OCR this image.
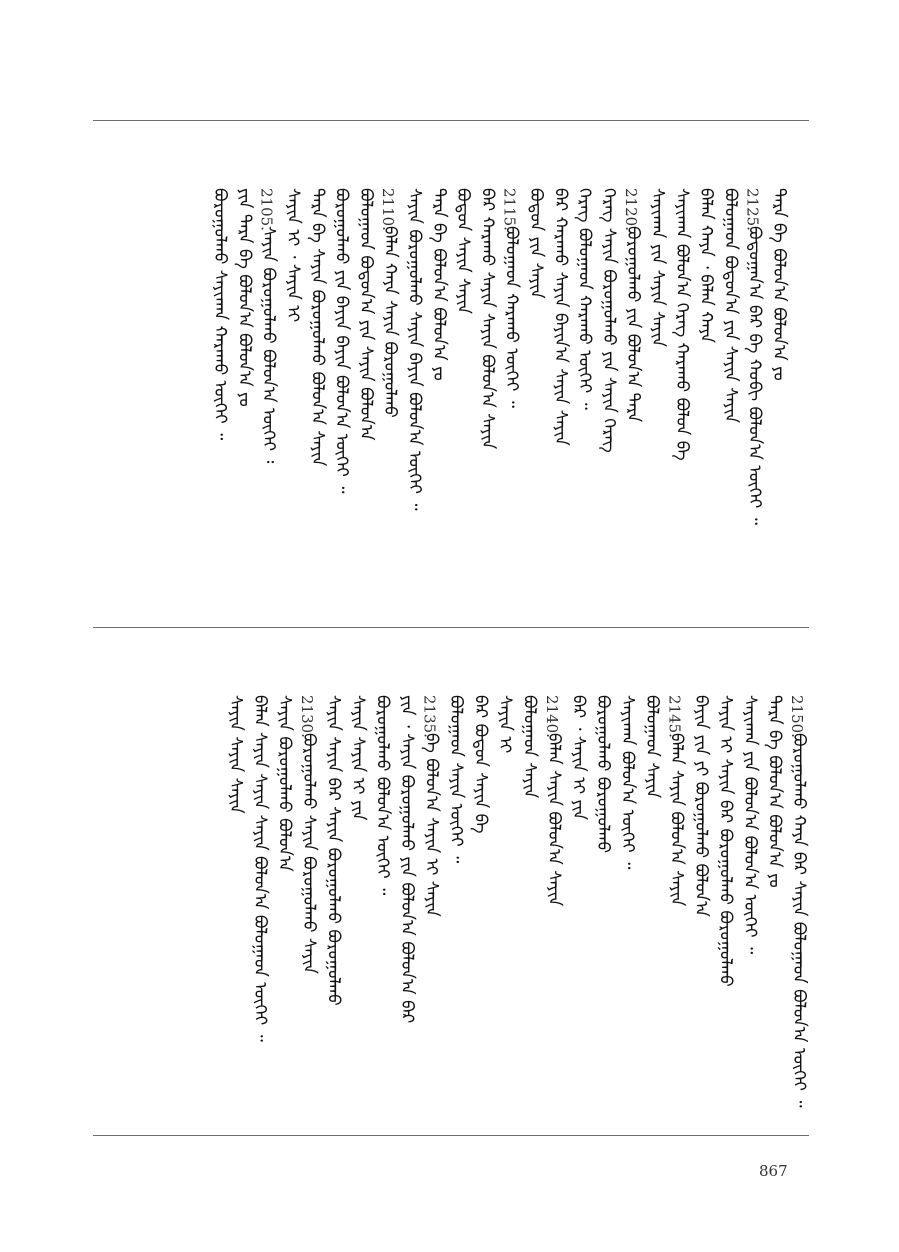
867
ᠲᠡᠷᠡ ᠪᠡ ᠪᠣᠯᠤᠨ᠎ᠠ ᠪᠣᠯᠤᠨ᠎ᠠ ᠶᠤ
2125.
ᠪᠣᠳᠤᠭᠠᠨ᠎ᠠ ᠪᠡᠷ ᠪᠡ ᠬᠤᠪᠢ ᠪᠣᠯᠤᠨ᠎ᠠ ᠦᠭᠡᠢ ᠃
ᠪᠣᠯᠣᠭᠠᠳ ᠪᠣᠳᠤᠨ᠎ᠠ ᠶᠢᠨ ᠰᠠᠶᠢᠨ ᠰᠠᠶᠢᠨ
ᠪᠡᠯᠡᠨ ᠬᠠᠶᠠ ᠂ ᠪᠡᠯᠡᠨ ᠬᠠᠶᠠ
ᠰᠠᠶᠢᠬᠠᠨ ᠪᠣᠯᠤᠨ᠎ᠠ ᠬᠡᠷᠡᠭ ᠬᠠᠷᠠᠬᠤ ᠪᠣᠯᠤᠨ ᠪᠡ
ᠰᠠᠶᠢᠬᠠᠨ ᠶᠢᠨ ᠰᠠᠶᠢᠨ ᠰᠠᠶᠢᠨ
2120.
ᠪᠣᠷᠣᠭᠤᠯᠬᠤ ᠶᠢᠨ ᠪᠣᠯᠤᠨ᠎ᠠ ᠲᠡᠷᠡ
ᠬᠡᠷᠡᠭ ᠰᠠᠶᠢᠨ ᠪᠣᠷᠣᠭᠤᠯᠬᠤ ᠶᠢᠨ ᠰᠠᠶᠢᠨ ᠬᠡᠷᠡᠭ
ᠬᠡᠷᠡᠭ ᠪᠣᠯᠤᠭᠠᠳ ᠬᠠᠷᠠᠬᠤ ᠦᠭᠡᠢ ᠃
ᠪᠡᠷ ᠬᠠᠷᠠᠬᠤ ᠰᠠᠶᠢᠨ ᠪᠠᠶᠢᠨ᠎ᠠ ᠰᠠᠶᠢᠨ ᠰᠠᠶᠢᠨ
ᠪᠣᠳᠤᠨ ᠶᠢᠨ ᠰᠠᠶᠢᠨ
2115.
ᠪᠣᠯᠣᠭᠠᠳ ᠬᠠᠷᠠᠬᠤ ᠦᠭᠡᠢ ᠃
ᠪᠡᠷ ᠬᠠᠷᠠᠬᠤ ᠰᠠᠶᠢᠨ ᠰᠠᠶᠢᠨ ᠪᠣᠯᠤᠨ᠎ᠠ ᠰᠠᠶᠢᠨ
ᠪᠣᠳᠤᠨ ᠰᠠᠶᠢᠨ ᠰᠠᠶᠢᠨ
ᠲᠡᠷᠡ ᠪᠡ ᠪᠣᠯᠤᠨ᠎ᠠ ᠪᠣᠯᠤᠨ᠎ᠠ ᠶᠤ
ᠰᠠᠶᠢᠨ ᠪᠣᠷᠣᠭᠤᠯᠬᠤ ᠰᠠᠶᠢᠨ ᠪᠠᠶᠢᠨ ᠪᠣᠯᠤᠨ᠎ᠠ ᠦᠭᠡᠢ ᠃
2110.
ᠪᠡᠯᠡᠨ ᠬᠠᠶᠠ ᠰᠠᠶᠢᠨ ᠪᠣᠷᠣᠭᠤᠯᠬᠤ
ᠪᠣᠯᠣᠭᠠᠳ ᠪᠣᠳᠤᠨ᠎ᠠ ᠶᠢᠨ ᠰᠠᠶᠢᠨ ᠪᠣᠯᠤᠨ᠎ᠠ
ᠪᠣᠷᠣᠭᠤᠯᠬᠤ ᠶᠢᠨ ᠪᠠᠶᠢᠨ ᠪᠠᠶᠢᠨ ᠪᠣᠯᠤᠨ᠎ᠠ ᠦᠭᠡᠢ ᠃
ᠲᠡᠷᠡ ᠪᠡ ᠰᠠᠶᠢᠨ ᠪᠣᠷᠣᠭᠤᠯᠬᠤ ᠪᠣᠯᠤᠨ᠎ᠠ ᠰᠠᠶᠢᠨ
ᠰᠠᠶᠢᠨ ᠢ ᠂ ᠰᠠᠶᠢᠨ ᠢ
2105.
ᠰᠠᠶᠢᠨ ᠪᠣᠷᠣᠭᠤᠯᠬᠤ ᠪᠣᠯᠤᠨ᠎ᠠ ᠦᠭᠡᠢ ᠄
ᠶᠢᠨ ᠲᠡᠷᠡ ᠪᠡ ᠪᠣᠯᠤᠨ᠎ᠠ ᠪᠣᠯᠤᠨ᠎ᠠ ᠶᠤ
ᠪᠣᠷᠣᠭᠤᠯᠬᠤ ᠰᠠᠶᠢᠬᠠᠨ ᠬᠠᠷᠠᠬᠤ ᠦᠭᠡᠢ ᠃
2150.
ᠪᠣᠷᠣᠭᠤᠯᠬᠤ ᠬᠠᠶᠠ ᠪᠡᠷ ᠰᠠᠶᠢᠨ ᠪᠣᠯᠤᠭᠠᠳ ᠪᠣᠯᠤᠨ᠎ᠠ ᠦᠭᠡᠢ ᠃
ᠲᠡᠷᠡ ᠪᠡ ᠪᠣᠯᠤᠨ᠎ᠠ ᠪᠣᠯᠤᠨ᠎ᠠ ᠶᠤ
ᠰᠠᠶᠢᠬᠠᠨ ᠶᠢᠨ ᠪᠣᠯᠤᠨ᠎ᠠ ᠪᠣᠯᠤᠨ᠎ᠠ ᠦᠭᠡᠢ ᠃
ᠰᠠᠶᠢᠨ ᠢ ᠰᠠᠶᠢᠨ ᠪᠡᠷ ᠪᠣᠷᠣᠭᠤᠯᠬᠤ ᠪᠣᠷᠣᠭᠤᠯᠬᠤ
ᠪᠠᠶᠢᠨ ᠶᠢᠨ ᠶᠢ ᠪᠣᠷᠣᠭᠤᠯᠬᠤ ᠪᠣᠯᠤᠨ᠎ᠠ
2145.
ᠪᠡᠯᠡᠨ ᠰᠠᠶᠢᠨ ᠪᠣᠯᠤᠨ᠎ᠠ ᠰᠠᠶᠢᠨ
ᠪᠣᠯᠣᠭᠠᠳ ᠰᠠᠶᠢᠨ
ᠰᠠᠶᠢᠬᠠᠨ ᠪᠣᠯᠤᠨ᠎ᠠ ᠦᠭᠡᠢ ᠃
ᠪᠣᠷᠣᠭᠤᠯᠬᠤ ᠪᠣᠷᠣᠭᠤᠯᠬᠤ
ᠪᠡᠷ ᠂ ᠰᠠᠶᠢᠨ ᠢ ᠶᠢᠨ
2140.
ᠪᠡᠯᠡᠨ ᠰᠠᠶᠢᠨ ᠪᠣᠯᠤᠨ᠎ᠠ ᠰᠠᠶᠢᠨ
ᠪᠣᠯᠣᠭᠠᠳ ᠰᠠᠶᠢᠨ
ᠰᠠᠶᠢᠨ ᠢ
ᠪᠡᠷ ᠪᠣᠳᠤᠨ ᠰᠠᠶᠢᠨ ᠪᠡ
ᠪᠣᠯᠣᠭᠠᠳ ᠰᠠᠶᠢᠨ ᠦᠭᠡᠢ ᠃
2135.
ᠪᠠ ᠪᠣᠯᠤᠨ᠎ᠠ ᠰᠠᠶᠢᠨ ᠢ ᠰᠠᠶᠢᠨ
ᠶᠢᠨ ᠂ ᠰᠠᠶᠢᠨ ᠪᠣᠷᠣᠭᠤᠯᠬᠤ ᠶᠢᠨ ᠪᠣᠯᠤᠨ᠎ᠠ ᠪᠣᠯᠤᠨ᠎ᠠ ᠪᠡᠷ
ᠪᠣᠷᠣᠭᠤᠯᠬᠤ ᠪᠣᠯᠤᠨ᠎ᠠ ᠦᠭᠡᠢ ᠃
ᠰᠠᠶᠢᠨ ᠰᠠᠶᠢᠨ ᠢ ᠶᠢᠨ
ᠰᠠᠶᠢᠨ ᠰᠠᠶᠢᠨ ᠪᠡᠷ ᠰᠠᠶᠢᠨ ᠪᠣᠷᠣᠭᠤᠯᠬᠤ ᠪᠣᠷᠣᠭᠤᠯᠬᠤ
2130.
ᠪᠣᠷᠣᠭᠤᠯᠬᠤ ᠰᠠᠶᠢᠨ ᠪᠣᠷᠣᠭᠤᠯᠬᠤ ᠰᠠᠶᠢᠨ
ᠰᠠᠶᠢᠨ ᠪᠣᠷᠣᠭᠤᠯᠬᠤ ᠪᠣᠯᠤᠨ᠎ᠠ
ᠪᠡᠯᠡᠨ ᠰᠠᠶᠢᠨ ᠰᠠᠶᠢᠨ ᠰᠠᠶᠢᠨ ᠪᠣᠯᠤᠨ᠎ᠠ ᠪᠣᠯᠤᠭᠠᠳ ᠦᠭᠡᠢ ᠃
ᠰᠠᠶᠢᠨ ᠰᠠᠶᠢᠨ ᠰᠠᠶᠢᠨ
